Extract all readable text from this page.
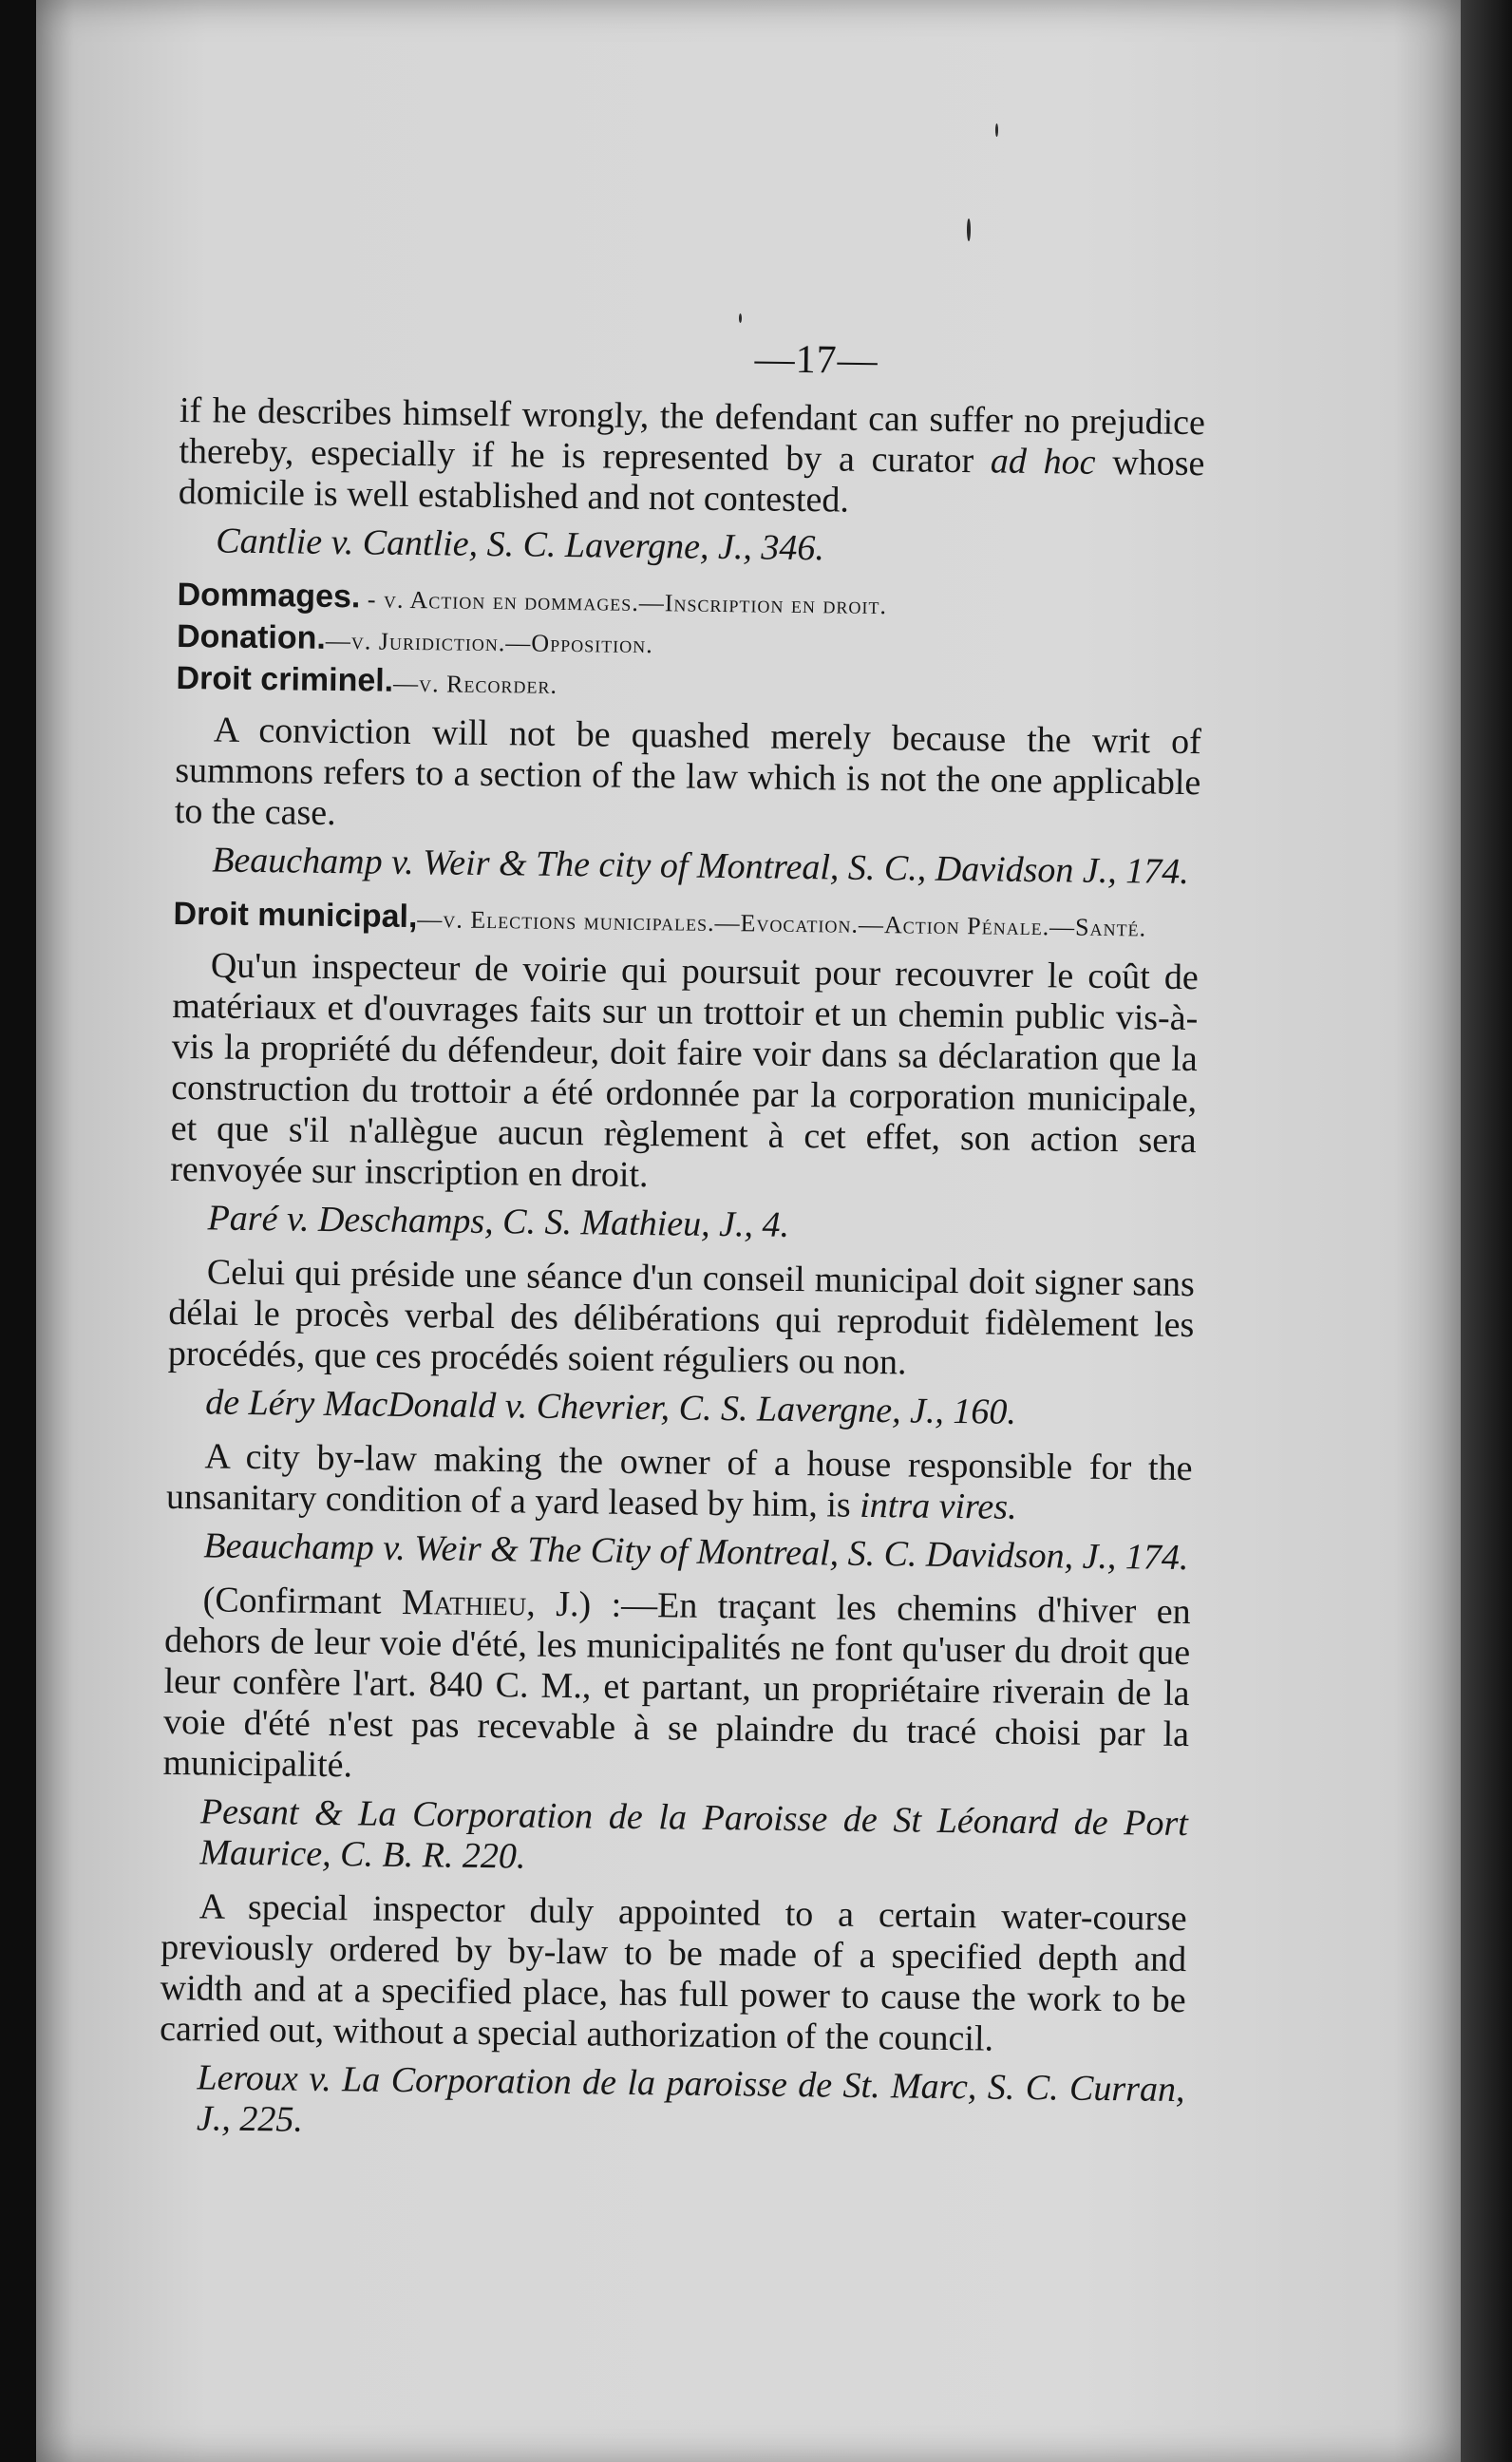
—17—

if he describes himself wrongly, the defendant can suffer no prejudice thereby, especially if he is represented by a curator ad hoc whose domicile is well established and not contested.

Cantlie v. Cantlie, S. C. Lavergne, J., 346.

Dommages. - v. Action en dommages.—Inscription en droit.

Donation.—v. Juridiction.—Opposition.

Droit criminel.—v. Recorder.

A conviction will not be quashed merely because the writ of summons refers to a section of the law which is not the one applicable to the case.

Beauchamp v. Weir & The city of Montreal, S. C., Davidson J., 174.

Droit municipal,—v. Elections municipales.—Evocation.—Action Pénale.—Santé.

Qu'un inspecteur de voirie qui poursuit pour recouvrer le coût de matériaux et d'ouvrages faits sur un trottoir et un chemin public vis-à-vis la propriété du défendeur, doit faire voir dans sa déclaration que la construction du trottoir a été ordonnée par la corporation municipale, et que s'il n'allègue aucun règlement à cet effet, son action sera renvoyée sur inscription en droit.

Paré v. Deschamps, C. S. Mathieu, J., 4.

Celui qui préside une séance d'un conseil municipal doit signer sans délai le procès verbal des délibérations qui reproduit fidèlement les procédés, que ces procédés soient réguliers ou non.

de Léry MacDonald v. Chevrier, C. S. Lavergne, J., 160.

A city by-law making the owner of a house responsible for the unsanitary condition of a yard leased by him, is intra vires.

Beauchamp v. Weir & The City of Montreal, S. C. Davidson, J., 174.

(Confirmant Mathieu, J.) :—En traçant les chemins d'hiver en dehors de leur voie d'été, les municipalités ne font qu'user du droit que leur confère l'art. 840 C. M., et partant, un propriétaire riverain de la voie d'été n'est pas recevable à se plaindre du tracé choisi par la municipalité.

Pesant & La Corporation de la Paroisse de St Léonard de Port Maurice, C. B. R. 220.

A special inspector duly appointed to a certain water-course previously ordered by by-law to be made of a specified depth and width and at a specified place, has full power to cause the work to be carried out, without a special authorization of the council.

Leroux v. La Corporation de la paroisse de St. Marc, S. C. Curran, J., 225.
